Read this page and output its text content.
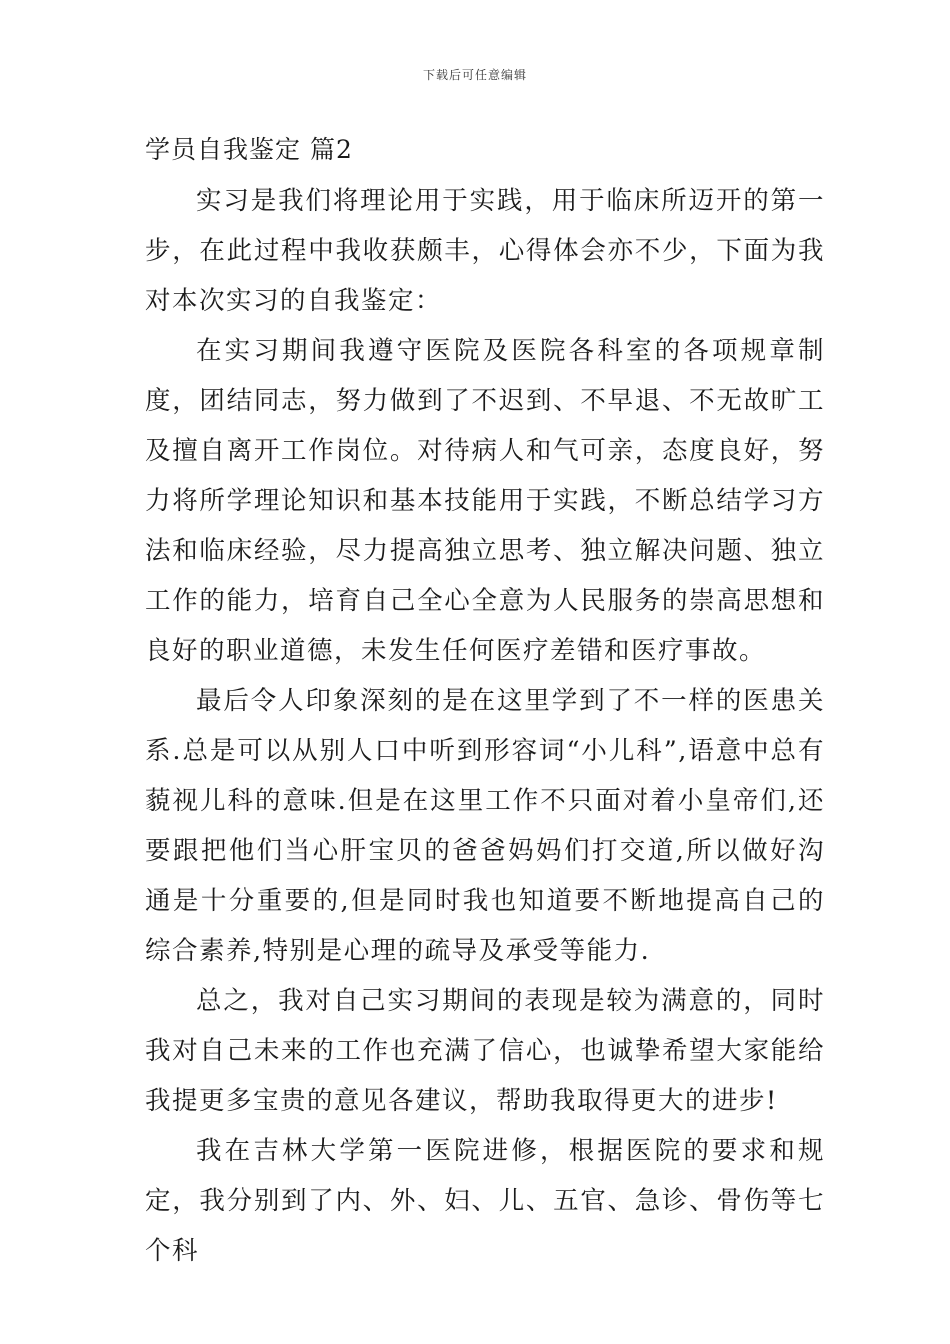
下载后可任意编辑
学员自我鉴定 篇2

实习是我们将理论用于实践，用于临床所迈开的第一步，在此过程中我收获颇丰，心得体会亦不少，下面为我对本次实习的自我鉴定：

在实习期间我遵守医院及医院各科室的各项规章制度，团结同志，努力做到了不迟到、不早退、不无故旷工及擅自离开工作岗位。对待病人和气可亲，态度良好，努力将所学理论知识和基本技能用于实践，不断总结学习方法和临床经验，尽力提高独立思考、独立解决问题、独立工作的能力，培育自己全心全意为人民服务的崇高思想和良好的职业道德，未发生任何医疗差错和医疗事故。

最后令人印象深刻的是在这里学到了不一样的医患关系.总是可以从别人口中听到形容词“小儿科”,语意中总有藐视儿科的意味.但是在这里工作不只面对着小皇帝们,还要跟把他们当心肝宝贝的爸爸妈妈们打交道,所以做好沟通是十分重要的,但是同时我也知道要不断地提高自己的综合素养,特别是心理的疏导及承受等能力.

总之，我对自己实习期间的表现是较为满意的，同时我对自己未来的工作也充满了信心，也诚挚希望大家能给我提更多宝贵的意见各建议，帮助我取得更大的进步!

我在吉林大学第一医院进修，根据医院的要求和规定，我分别到了内、外、妇、儿、五官、急诊、骨伤等七个科
